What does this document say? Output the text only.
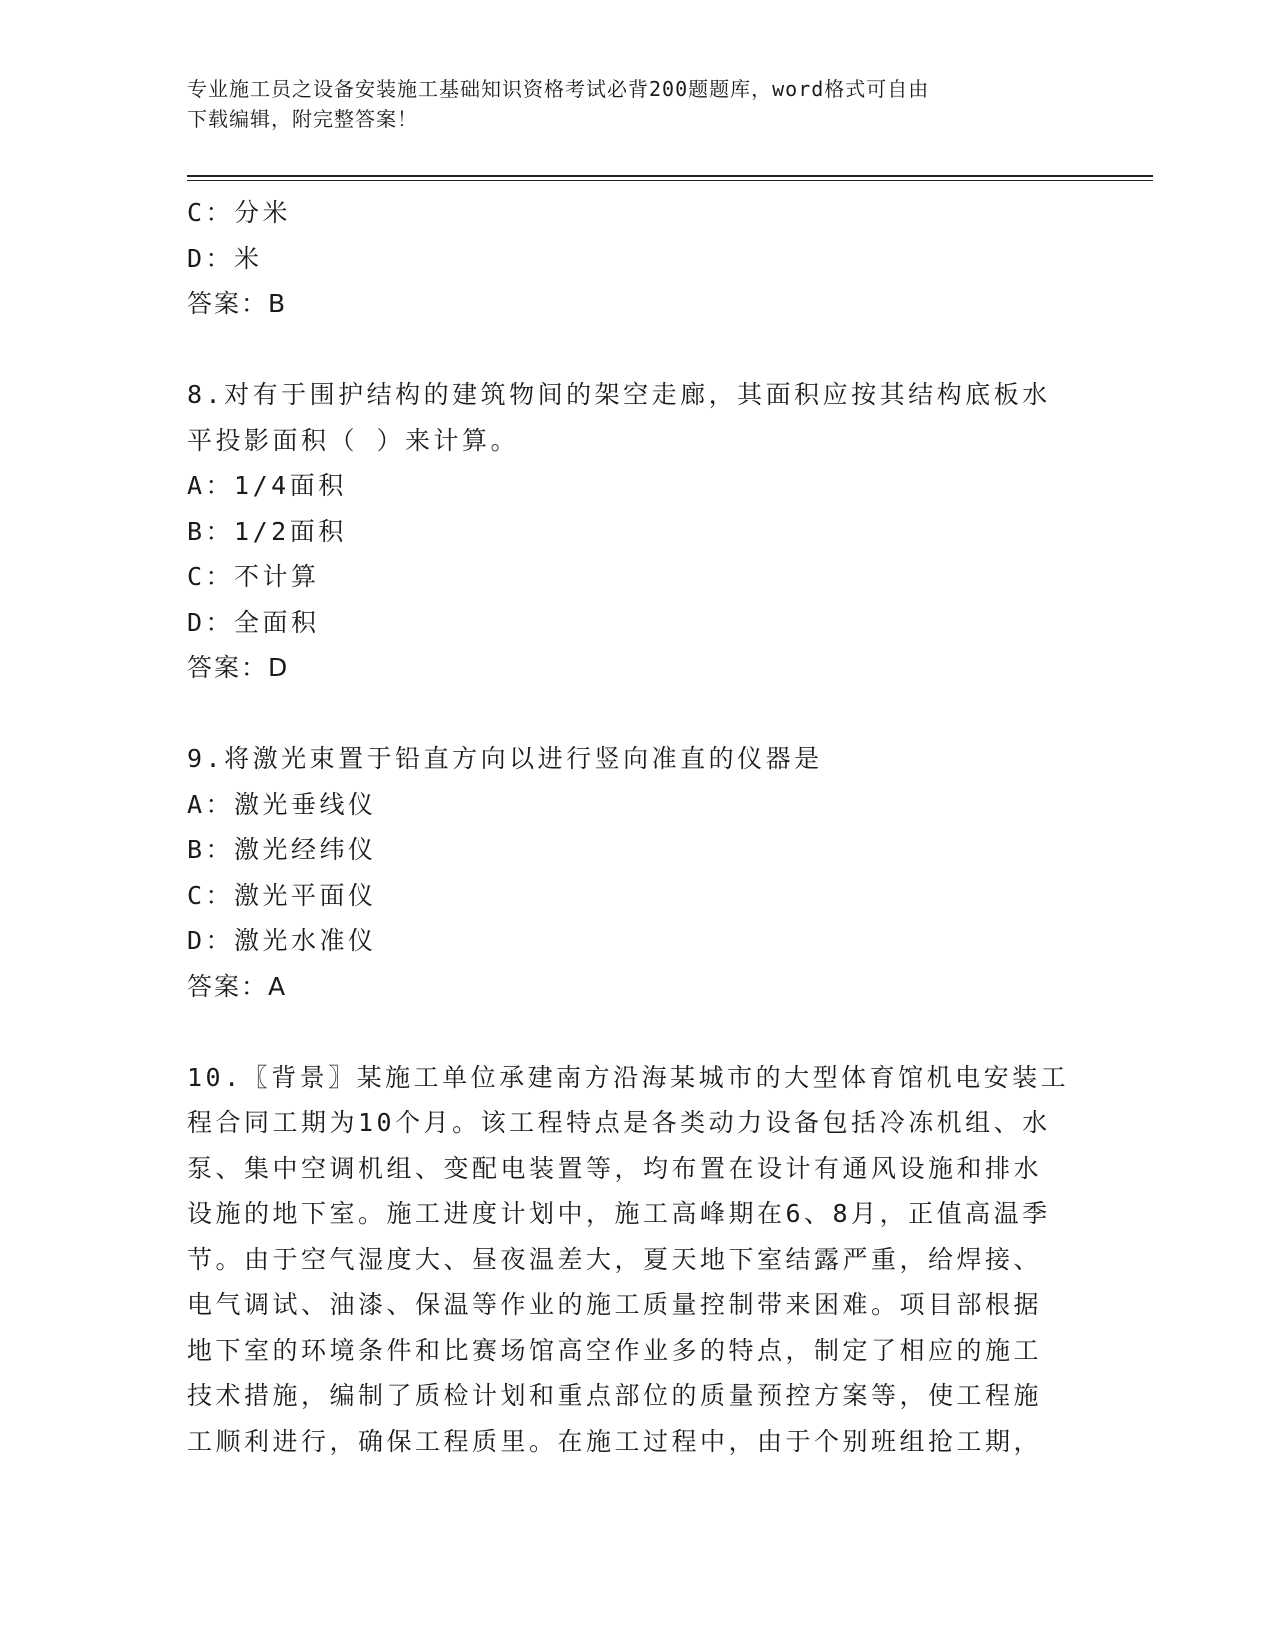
专业施工员之设备安装施工基础知识资格考试必背200题题库，word格式可自由
下载编辑，附完整答案！
C：分米
D：米
答案：B
8.对有于围护结构的建筑物间的架空走廊，其面积应按其结构底板水
平投影面积（ ）来计算。
A：1/4面积
B：1/2面积
C：不计算
D：全面积
答案：D
9.将激光束置于铅直方向以进行竖向准直的仪器是
A：激光垂线仪
B：激光经纬仪
C：激光平面仪
D：激光水准仪
答案：A
10.〖背景〗某施工单位承建南方沿海某城市的大型体育馆机电安装工
程合同工期为10个月。该工程特点是各类动力设备包括冷冻机组、水
泵、集中空调机组、变配电装置等，均布置在设计有通风设施和排水
设施的地下室。施工进度计划中，施工高峰期在6、8月，正值高温季
节。由于空气湿度大、昼夜温差大，夏天地下室结露严重，给焊接、
电气调试、油漆、保温等作业的施工质量控制带来困难。项目部根据
地下室的环境条件和比赛场馆高空作业多的特点，制定了相应的施工
技术措施，编制了质检计划和重点部位的质量预控方案等，使工程施
工顺利进行，确保工程质里。在施工过程中，由于个别班组抢工期，
